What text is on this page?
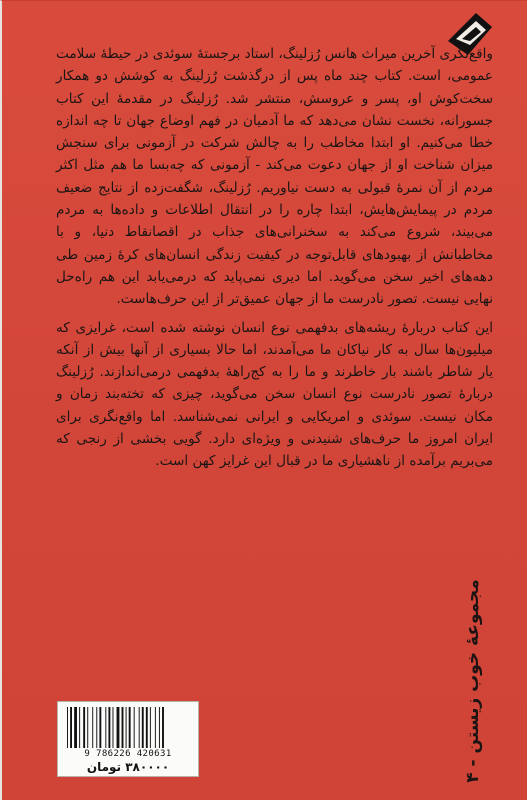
واقع‌نگری آخرین میراث هانس رُزلینگ، استاد برجستهٔ سوئدی در حیطهٔ سلامت عمومی، است. کتاب چند ماه پس از درگذشت رُزلینگ به کوشش دو همکار سخت‌کوش او، پسر و عروسش، منتشر شد. رُزلینگ در مقدمهٔ این کتاب جسورانه، نخست نشان می‌دهد که ما آدمیان در فهم اوضاع جهان تا چه اندازه خطا می‌کنیم. او ابتدا مخاطب را به چالش شرکت در آزمونی برای سنجش میزان شناخت او از جهان دعوت می‌کند - آزمونی که چه‌بسا ما هم مثل اکثر مردم از آن نمرهٔ قبولی به دست نیاوریم. رُزلینگ، شگفت‌زده از نتایج ضعیف مردم در پیمایش‌هایش، ابتدا چاره را در انتقال اطلاعات و داده‌ها به مردم می‌بیند، شروع می‌کند به سخنرانی‌های جذاب در اقصانقاط دنیا، و با مخاطبانش از بهبودهای قابل‌توجه در کیفیت زندگی انسان‌های کرهٔ زمین طی دهه‌های اخیر سخن می‌گوید. اما دیری نمی‌پاید که درمی‌یابد این هم راه‌حل نهایی نیست. تصور نادرست ما از جهان عمیق‌تر از این حرف‌هاست.

این کتاب دربارهٔ ریشه‌های بدفهمی نوع انسان نوشته شده است، غرایزی که میلیون‌ها سال به کار نیاکان ما می‌آمدند، اما حالا بسیاری از آنها بیش از آنکه یار شاطر باشند بار خاطرند و ما را به کج‌راههٔ بدفهمی درمی‌اندازند. رُزلینگ دربارهٔ تصور نادرست نوع انسان سخن می‌گوید، چیزی که تخته‌بند زمان و مکان نیست. سوئدی و امریکایی و ایرانی نمی‌شناسد. اما واقع‌نگری برای ایران امروز ما حرف‌های شنیدنی و ویژه‌ای دارد. گویی بخشی از رنجی که می‌بریم برآمده از ناهشیاری ما در قبال این غرایز کهن است.

مجموعهٔ خوب زیستن - ۴
9 786226 420631
۳۸۰۰۰۰ تومان
